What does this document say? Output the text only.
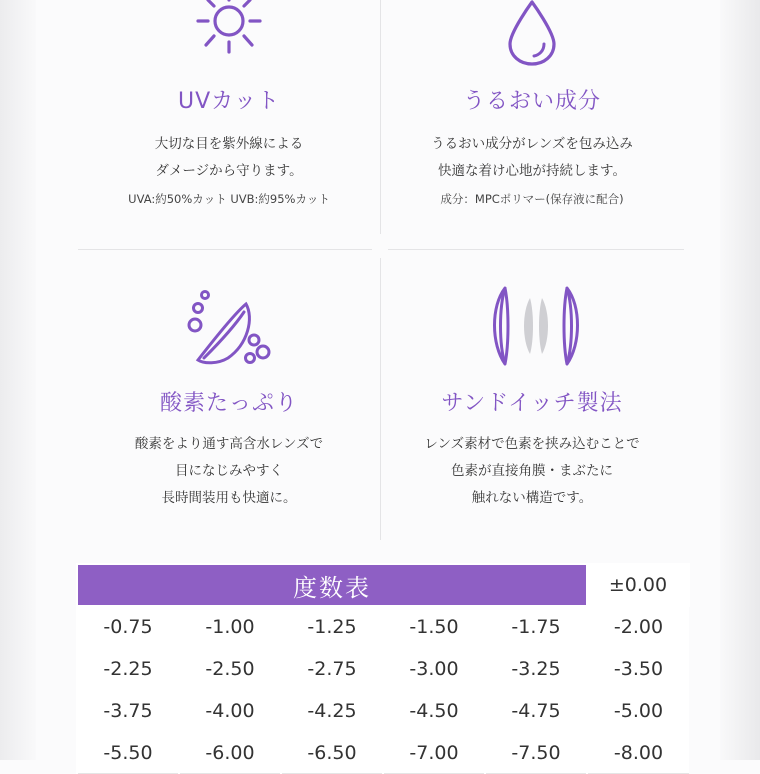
UVカット
大切な目を紫外線による
ダメージから守ります。
UVA:約50%カット UVB:約95%カット
うるおい成分
うるおい成分がレンズを包み込み
快適な着け心地が持続します。
成分：MPCポリマー(保存液に配合)
酸素たっぷり
酸素をより通す高含水レンズで
目になじみやすく
長時間装用も快適に。
サンドイッチ製法
レンズ素材で色素を挟み込むことで
色素が直接角膜・まぶたに
触れない構造です。
度数表					±0.00
-0.75	-1.00	-1.25	-1.50	-1.75	-2.00
-2.25	-2.50	-2.75	-3.00	-3.25	-3.50
-3.75	-4.00	-4.25	-4.50	-4.75	-5.00
-5.50	-6.00	-6.50	-7.00	-7.50	-8.00
